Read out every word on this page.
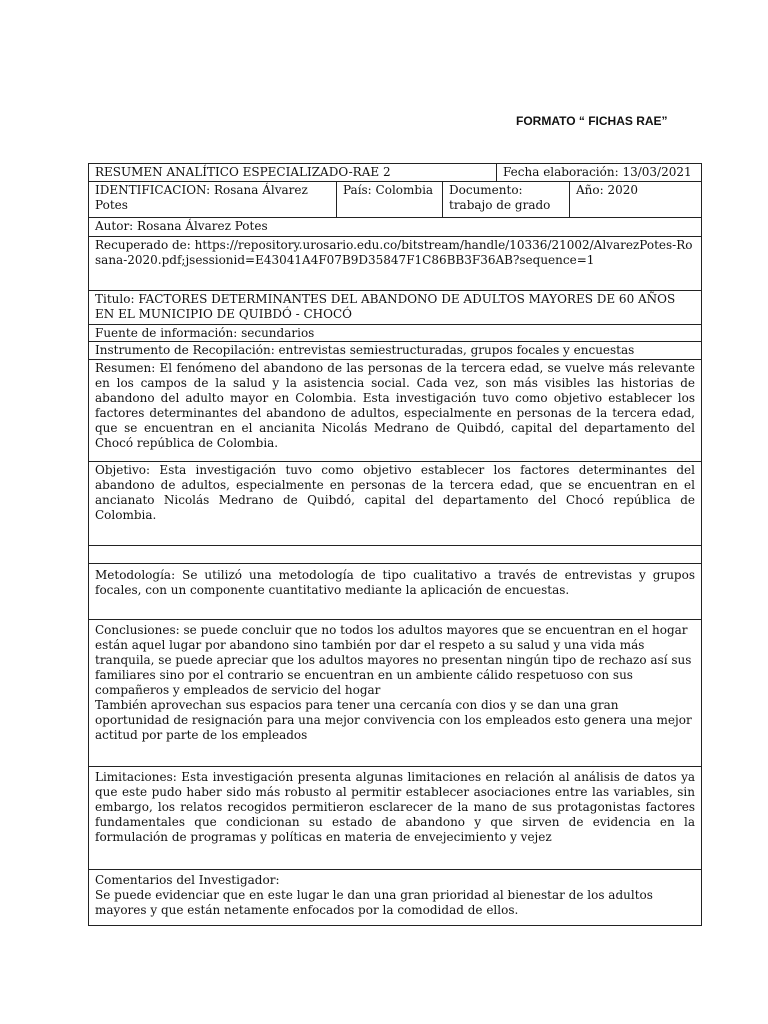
FORMATO “ FICHAS RAE”
RESUMEN ANALÍTICO ESPECIALIZADO-RAE 2	Fecha elaboración: 13/03/2021
IDENTIFICACION: Rosana Álvarez Potes
País: Colombia	Documento: trabajo de grado
Año: 2020
Autor: Rosana Álvarez Potes
Recuperado de: https://repository.urosario.edu.co/bitstream/handle/10336/21002/AlvarezPotes-Rosana-2020.pdf;jsessionid=E43041A4F07B9D35847F1C86BB3F36AB?sequence=1
Titulo: FACTORES DETERMINANTES DEL ABANDONO DE ADULTOS MAYORES DE 60 AÑOS EN EL MUNICIPIO DE QUIBDÓ - CHOCÓ
Fuente de información: secundarios
Instrumento de Recopilación: entrevistas semiestructuradas, grupos focales y encuestas
Resumen: El fenómeno del abandono de las personas de la tercera edad, se vuelve más relevante en los campos de la salud y la asistencia social. Cada vez, son más visibles las historias de abandono del adulto mayor en Colombia. Esta investigación tuvo como objetivo establecer los factores determinantes del abandono de adultos, especialmente en personas de la tercera edad, que se encuentran en el ancianita Nicolás Medrano de Quibdó, capital del departamento del Chocó república de Colombia.
Objetivo: Esta investigación tuvo como objetivo establecer los factores determinantes del abandono de adultos, especialmente en personas de la tercera edad, que se encuentran en el ancianato Nicolás Medrano de Quibdó, capital del departamento del Chocó república de Colombia.
Metodología: Se utilizó una metodología de tipo cualitativo a través de entrevistas y grupos focales, con un componente cuantitativo mediante la aplicación de encuestas.
Conclusiones: se puede concluir que no todos los adultos mayores que se encuentran en el hogar están aquel lugar por abandono sino también por dar el respeto a su salud y una vida más tranquila, se puede apreciar que los adultos mayores no presentan ningún tipo de rechazo así sus familiares sino por el contrario se encuentran en un ambiente cálido respetuoso con sus compañeros y empleados de servicio del hogar
También aprovechan sus espacios para tener una cercanía con dios y se dan una gran oportunidad de resignación para una mejor convivencia con los empleados esto genera una mejor actitud por parte de los empleados
Limitaciones: Esta investigación presenta algunas limitaciones en relación al análisis de datos ya que este pudo haber sido más robusto al permitir establecer asociaciones entre las variables, sin embargo, los relatos recogidos permitieron esclarecer de la mano de sus protagonistas factores fundamentales que condicionan su estado de abandono y que sirven de evidencia en la formulación de programas y políticas en materia de envejecimiento y vejez
Comentarios del Investigador:
Se puede evidenciar que en este lugar le dan una gran prioridad al bienestar de los adultos mayores y que están netamente enfocados por la comodidad de ellos.
